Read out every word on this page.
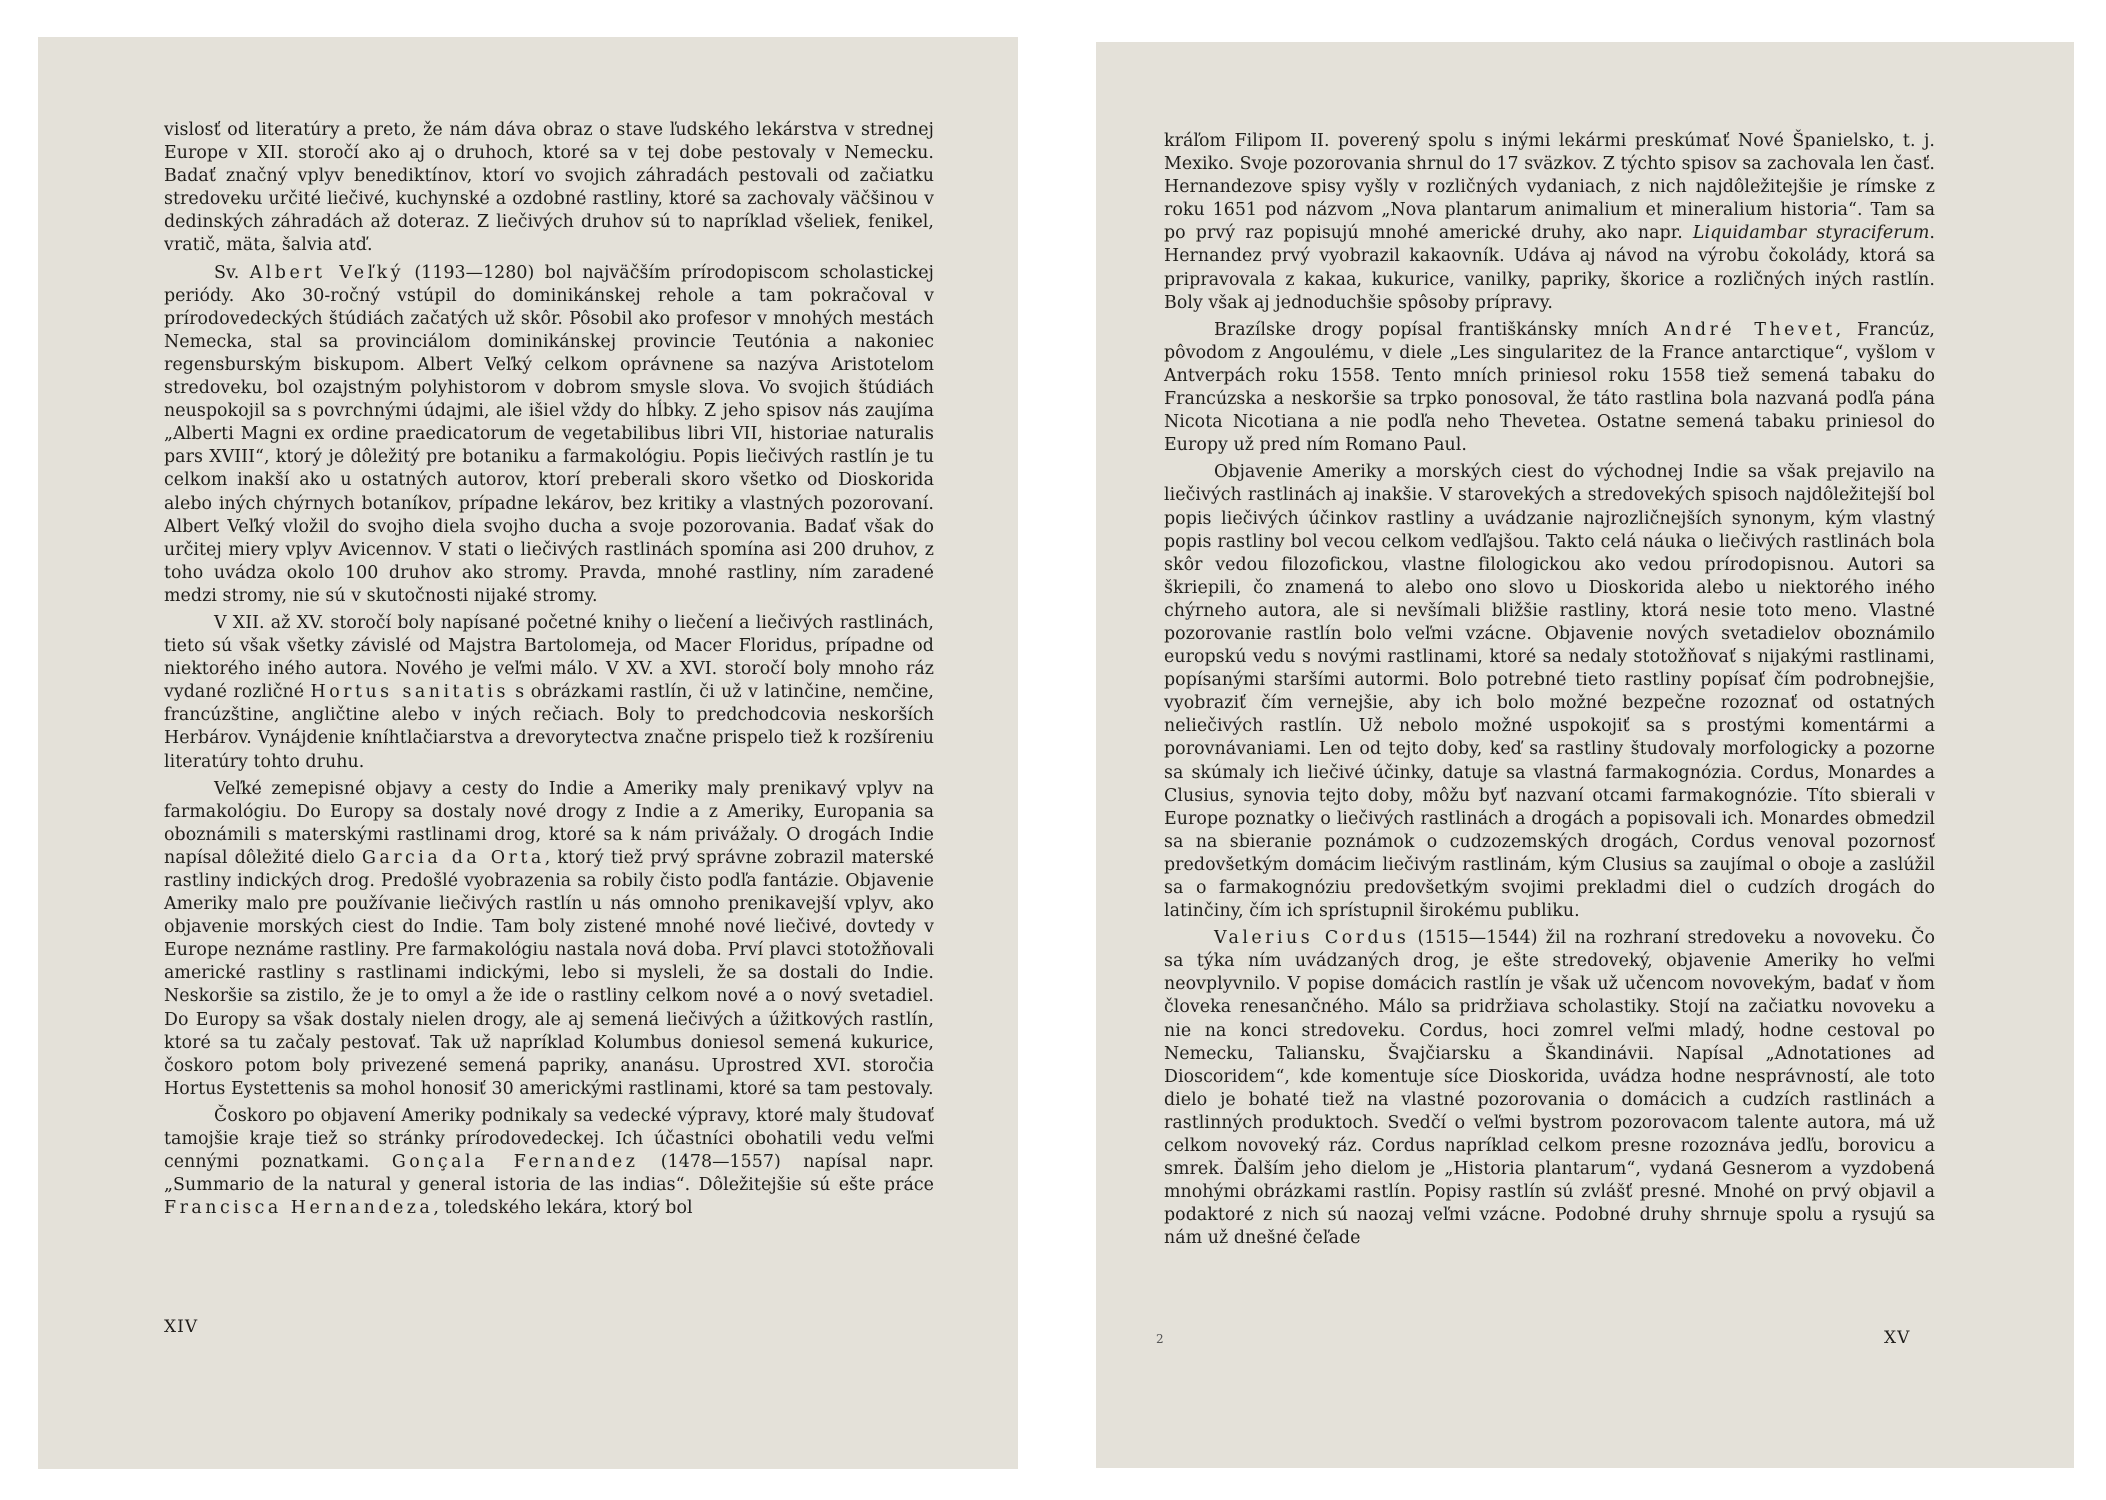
vislosť od literatúry a preto, že nám dáva obraz o stave ľudského lekárstva v strednej Europe v XII. storočí ako aj o druhoch, ktoré sa v tej dobe pestovaly v Nemecku. Badať značný vplyv benediktínov, ktorí vo svojich záhradách pestovali od začiatku stredoveku určité liečivé, kuchynské a ozdobné rastliny, ktoré sa zachovaly väčšinou v dedinských záhradách až doteraz. Z liečivých druhov sú to napríklad všeliek, fenikel, vratič, mäta, šalvia atď.

Sv. Albert Veľký (1193—1280) bol najväčším prírodopiscom scholastickej periódy. Ako 30-ročný vstúpil do dominikánskej rehole a tam pokračoval v prírodovedeckých štúdiách začatých už skôr. Pôsobil ako profesor v mnohých mestách Nemecka, stal sa provinciálom dominikánskej provincie Teutónia a nakoniec regensburským biskupom. Albert Veľký celkom oprávnene sa nazýva Aristotelom stredoveku, bol ozajstným polyhistorom v dobrom smysle slova. Vo svojich štúdiách neuspokojil sa s povrchnými údajmi, ale išiel vždy do hĺbky. Z jeho spisov nás zaujíma „Alberti Magni ex ordine praedicatorum de vegetabilibus libri VII, historiae naturalis pars XVIII“, ktorý je dôležitý pre botaniku a farmakológiu. Popis liečivých rastlín je tu celkom inakší ako u ostatných autorov, ktorí preberali skoro všetko od Dioskorida alebo iných chýrnych botaníkov, prípadne lekárov, bez kritiky a vlastných pozorovaní. Albert Veľký vložil do svojho diela svojho ducha a svoje pozorovania. Badať však do určitej miery vplyv Avicennov. V stati o liečivých rastlinách spomína asi 200 druhov, z toho uvádza okolo 100 druhov ako stromy. Pravda, mnohé rastliny, ním zaradené medzi stromy, nie sú v skutočnosti nijaké stromy.

V XII. až XV. storočí boly napísané početné knihy o liečení a liečivých rastlinách, tieto sú však všetky závislé od Majstra Bartolomeja, od Macer Floridus, prípadne od niektorého iného autora. Nového je veľmi málo. V XV. a XVI. storočí boly mnoho ráz vydané rozličné Hortus sanitatis s obrázkami rastlín, či už v latinčine, nemčine, francúzštine, angličtine alebo v iných rečiach. Boly to predchodcovia neskorších Herbárov. Vynájdenie kníhtlačiarstva a drevorytectva značne prispelo tiež k rozšíreniu literatúry tohto druhu.

Veľké zemepisné objavy a cesty do Indie a Ameriky maly prenikavý vplyv na farmakológiu. Do Europy sa dostaly nové drogy z Indie a z Ameriky, Europania sa oboznámili s materskými rastlinami drog, ktoré sa k nám privážaly. O drogách Indie napísal dôležité dielo Garcia da Orta, ktorý tiež prvý správne zobrazil materské rastliny indických drog. Predošlé vyobrazenia sa robily čisto podľa fantázie. Objavenie Ameriky malo pre používanie liečivých rastlín u nás omnoho prenikavejší vplyv, ako objavenie morských ciest do Indie. Tam boly zistené mnohé nové liečivé, dovtedy v Europe neznáme rastliny. Pre farmakológiu nastala nová doba. Prví plavci stotožňovali americké rastliny s rastlinami indickými, lebo si mysleli, že sa dostali do Indie. Neskoršie sa zistilo, že je to omyl a že ide o rastliny celkom nové a o nový svetadiel. Do Europy sa však dostaly nielen drogy, ale aj semená liečivých a úžitkových rastlín, ktoré sa tu začaly pestovať. Tak už napríklad Kolumbus doniesol semená kukurice, čoskoro potom boly privezené semená papriky, ananásu. Uprostred XVI. storočia Hortus Eystettenis sa mohol honosiť 30 americkými rastlinami, ktoré sa tam pestovaly.

Čoskoro po objavení Ameriky podnikaly sa vedecké výpravy, ktoré maly študovať tamojšie kraje tiež so stránky prírodovedeckej. Ich účastníci obohatili vedu veľmi cennými poznatkami. Gonçala Fernandez (1478—1557) napísal napr. „Summario de la natural y general istoria de las indias“. Dôležitejšie sú ešte práce Francisca Hernandeza, toledského lekára, ktorý bol

XIV

kráľom Filipom II. poverený spolu s inými lekármi preskúmať Nové Španielsko, t. j. Mexiko. Svoje pozorovania shrnul do 17 sväzkov. Z týchto spisov sa zachovala len časť. Hernandezove spisy vyšly v rozličných vydaniach, z nich najdôležitejšie je rímske z roku 1651 pod názvom „Nova plantarum animalium et mineralium historia“. Tam sa po prvý raz popisujú mnohé americké druhy, ako napr. Liquidambar styraciferum. Hernandez prvý vyobrazil kakaovník. Udáva aj návod na výrobu čokolády, ktorá sa pripravovala z kakaa, kukurice, vanilky, papriky, škorice a rozličných iných rastlín. Boly však aj jednoduchšie spôsoby prípravy.

Brazílske drogy popísal františkánsky mních André Thevet, Francúz, pôvodom z Angoulému, v diele „Les singularitez de la France antarctique“, vyšlom v Antverpách roku 1558. Tento mních priniesol roku 1558 tiež semená tabaku do Francúzska a neskoršie sa trpko ponosoval, že táto rastlina bola nazvaná podľa pána Nicota Nicotiana a nie podľa neho Thevetea. Ostatne semená tabaku priniesol do Europy už pred ním Romano Paul.

Objavenie Ameriky a morských ciest do východnej Indie sa však prejavilo na liečivých rastlinách aj inakšie. V starovekých a stredovekých spisoch najdôležitejší bol popis liečivých účinkov rastliny a uvádzanie najrozličnejších synonym, kým vlastný popis rastliny bol vecou celkom vedľajšou. Takto celá náuka o liečivých rastlinách bola skôr vedou filozofickou, vlastne filologickou ako vedou prírodopisnou. Autori sa škriepili, čo znamená to alebo ono slovo u Dioskorida alebo u niektorého iného chýrneho autora, ale si nevšímali bližšie rastliny, ktorá nesie toto meno. Vlastné pozorovanie rastlín bolo veľmi vzácne. Objavenie nových svetadielov oboznámilo europskú vedu s novými rastlinami, ktoré sa nedaly stotožňovať s nijakými rastlinami, popísanými staršími autormi. Bolo potrebné tieto rastliny popísať čím podrobnejšie, vyobraziť čím vernejšie, aby ich bolo možné bezpečne rozoznať od ostatných neliečivých rastlín. Už nebolo možné uspokojiť sa s prostými komentármi a porovnávaniami. Len od tejto doby, keď sa rastliny študovaly morfologicky a pozorne sa skúmaly ich liečivé účinky, datuje sa vlastná farmakognózia. Cordus, Monardes a Clusius, synovia tejto doby, môžu byť nazvaní otcami farmakognózie. Títo sbierali v Europe poznatky o liečivých rastlinách a drogách a popisovali ich. Monardes obmedzil sa na sbieranie poznámok o cudzozemských drogách, Cordus venoval pozornosť predovšetkým domácim liečivým rastlinám, kým Clusius sa zaujímal o oboje a zaslúžil sa o farmakognóziu predovšetkým svojimi prekladmi diel o cudzích drogách do latinčiny, čím ich sprístupnil širokému publiku.

Valerius Cordus (1515—1544) žil na rozhraní stredoveku a novoveku. Čo sa týka ním uvádzaných drog, je ešte stredoveký, objavenie Ameriky ho veľmi neovplyvnilo. V popise domácich rastlín je však už učencom novovekým, badať v ňom človeka renesančného. Málo sa pridržiava scholastiky. Stojí na začiatku novoveku a nie na konci stredoveku. Cordus, hoci zomrel veľmi mladý, hodne cestoval po Nemecku, Taliansku, Švajčiarsku a Škandinávii. Napísal „Adnotationes ad Dioscoridem“, kde komentuje síce Dioskorida, uvádza hodne nesprávností, ale toto dielo je bohaté tiež na vlastné pozorovania o domácich a cudzích rastlinách a rastlinných produktoch. Svedčí o veľmi bystrom pozorovacom talente autora, má už celkom novoveký ráz. Cordus napríklad celkom presne rozoznáva jedľu, borovicu a smrek. Ďalším jeho dielom je „Historia plantarum“, vydaná Gesnerom a vyzdobená mnohými obrázkami rastlín. Popisy rastlín sú zvlášť presné. Mnohé on prvý objavil a podaktoré z nich sú naozaj veľmi vzácne. Podobné druhy shrnuje spolu a rysujú sa nám už dnešné čeľade

2	XV
